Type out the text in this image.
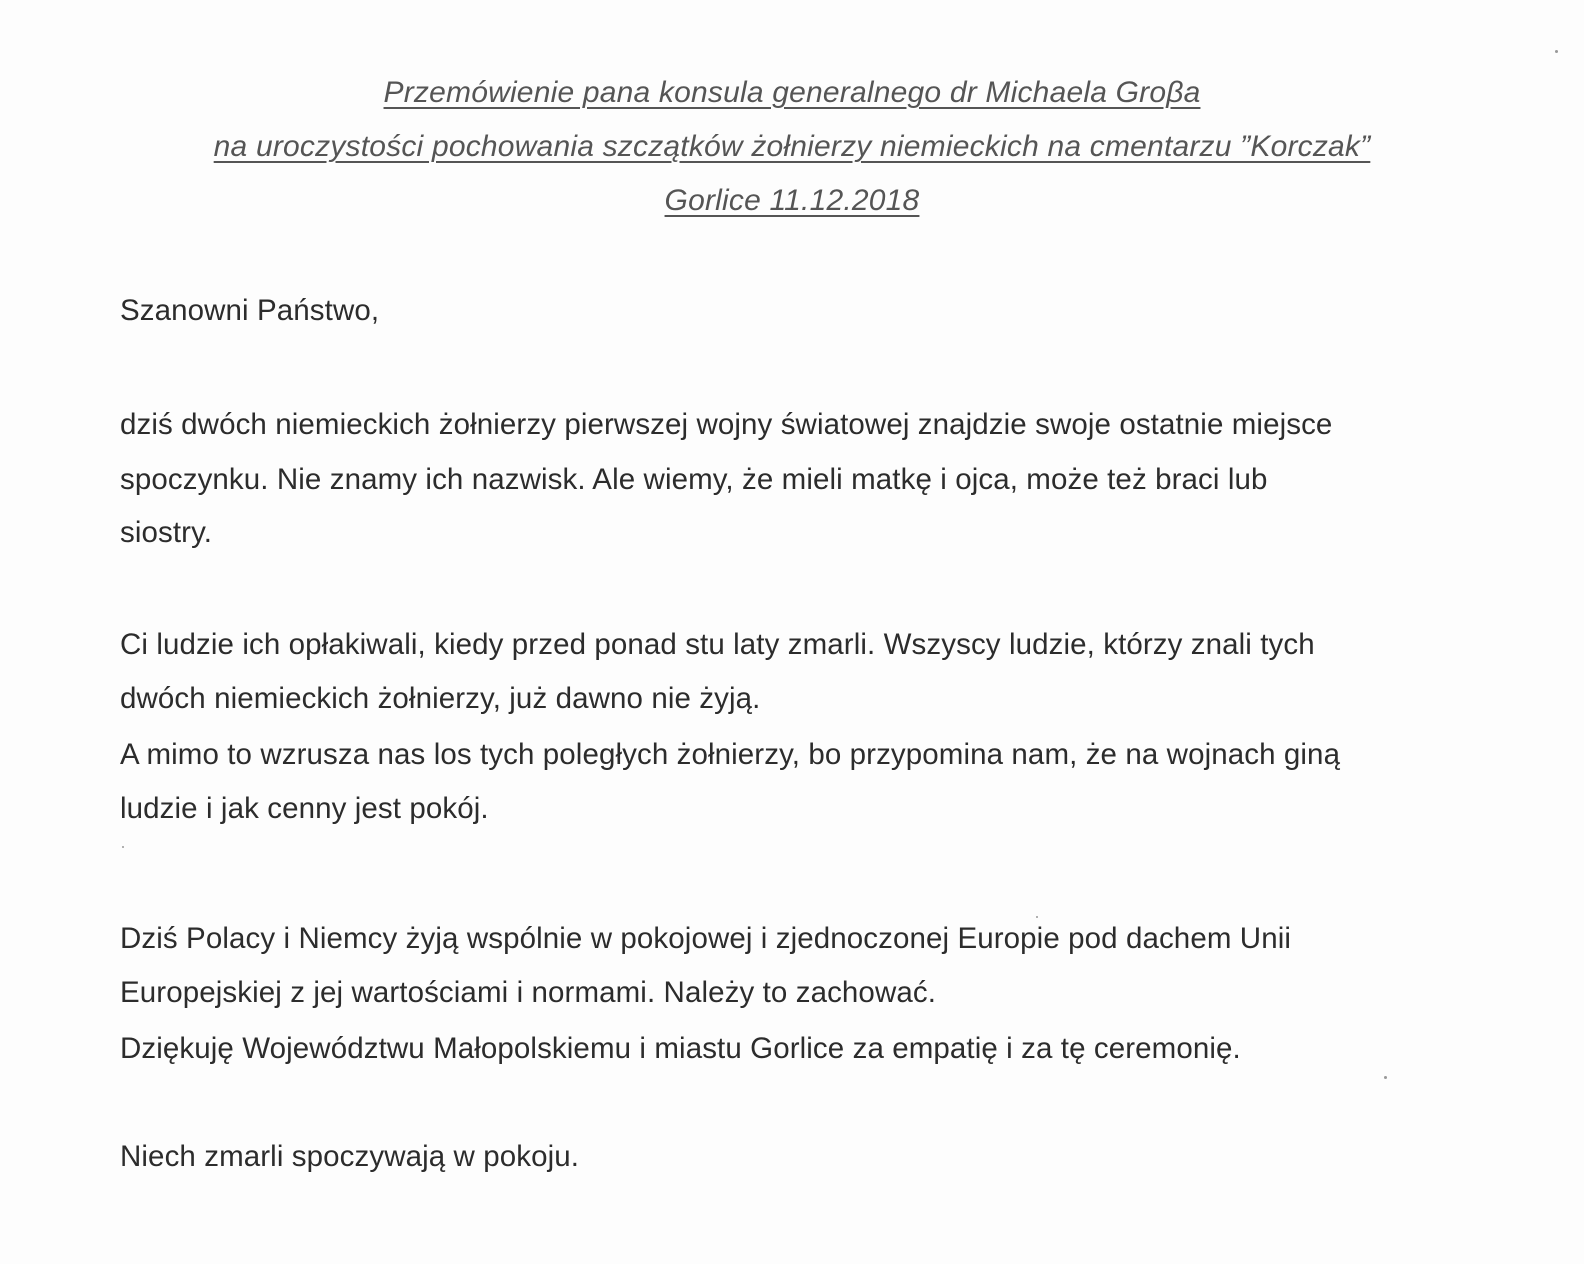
Przemówienie pana konsula generalnego dr Michaela Groβa
na uroczystości pochowania szczątków żołnierzy niemieckich na cmentarzu ”Korczak”
Gorlice 11.12.2018
Szanowni Państwo,
dziś dwóch niemieckich żołnierzy pierwszej wojny światowej znajdzie swoje ostatnie miejsce
spoczynku. Nie znamy ich nazwisk. Ale wiemy, że mieli matkę i ojca, może też braci lub
siostry.
Ci ludzie ich opłakiwali, kiedy przed ponad stu laty zmarli. Wszyscy ludzie, którzy znali tych
dwóch niemieckich żołnierzy, już dawno nie żyją.
A mimo to wzrusza nas los tych poległych żołnierzy, bo przypomina nam, że na wojnach giną
ludzie i jak cenny jest pokój.
Dziś Polacy i Niemcy żyją wspólnie w pokojowej i zjednoczonej Europie pod dachem Unii
Europejskiej z jej wartościami i normami. Należy to zachować.
Dziękuję Województwu Małopolskiemu i miastu Gorlice za empatię i za tę ceremonię.
Niech zmarli spoczywają w pokoju.
